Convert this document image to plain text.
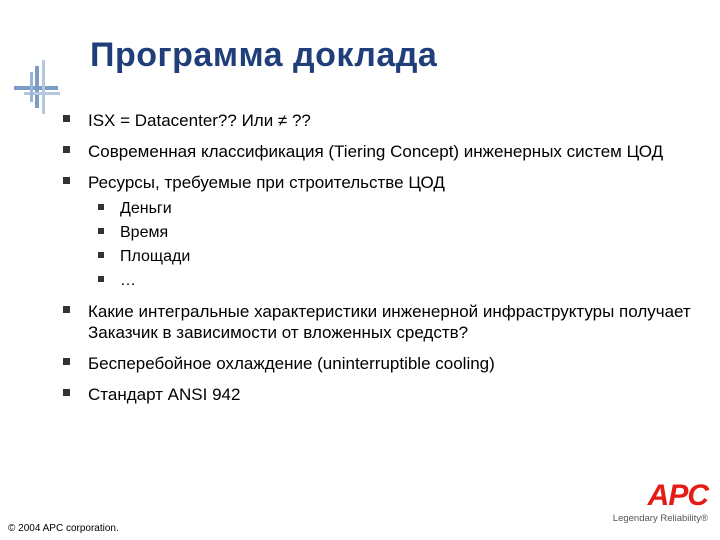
Программа доклада
ISX = Datacenter?? Или ≠ ??
Современная классификация (Tiering Concept) инженерных систем ЦОД
Ресурсы, требуемые при строительстве ЦОД
Деньги
Время
Площади
…
Какие интегральные характеристики инженерной инфраструктуры получает Заказчик в зависимости от вложенных средств?
Бесперебойное охлаждение (uninterruptible cooling)
Стандарт ANSI 942
© 2004 APC corporation.
APC
Legendary Reliability®
